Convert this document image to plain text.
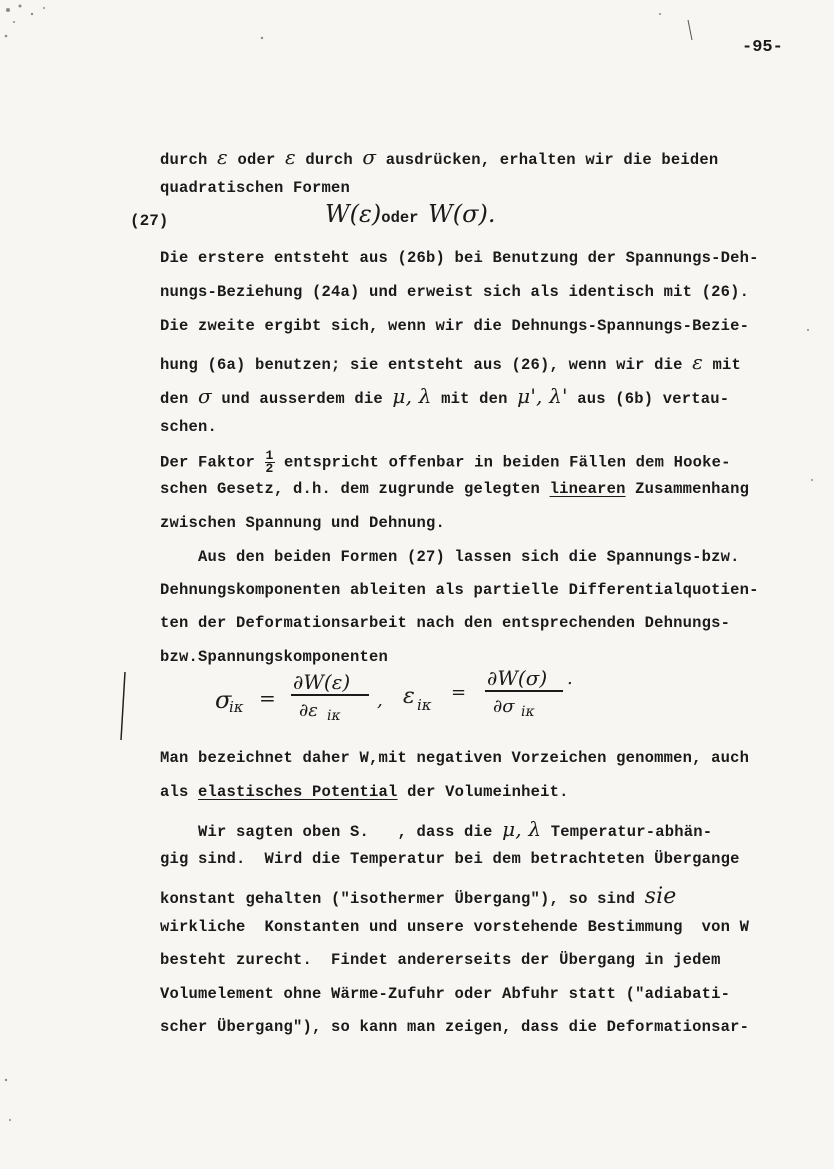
-95-
durch ε oder ε durch σ ausdrücken, erhalten wir die beiden
quadratischen Formen
(27)	W(ε)oder W(σ).
Die erstere entsteht aus (26b) bei Benutzung der Spannungs-Deh-
nungs-Beziehung (24a) und erweist sich als identisch mit (26).
Die zweite ergibt sich, wenn wir die Dehnungs-Spannungs-Bezie-
hung (6a) benutzen; sie entsteht aus (26), wenn wir die ε mit
den σ und ausserdem die μ, λ mit den μ', λ' aus (6b) vertau-
schen.
Der Faktor $\frac{1}{2}$ entspricht offenbar in beiden Fällen dem Hooke-
schen Gesetz, d.h. dem zugrunde gelegten linearen Zusammenhang
zwischen Spannung und Dehnung.
Aus den beiden Formen (27) lassen sich die Spannungs-bzw.
Dehnungskomponenten ableiten als partielle Differentialquotien-
ten der Deformationsarbeit nach den entsprechenden Dehnungs-
bzw.Spannungskomponenten
σ
iκ =
∂W(ε)
∂ε iκ
, ε iκ
=
∂W(σ)
∂σ iκ
.
Man bezeichnet daher W,mit negativen Vorzeichen genommen, auch
als elastisches Potential der Volumeinheit.
Wir sagten oben S.   , dass die μ, λ Temperatur-abhän-
gig sind.  Wird die Temperatur bei dem betrachteten Übergange
konstant gehalten ("isothermer Übergang"), so sind sie
wirkliche  Konstanten und unsere vorstehende Bestimmung  von W
besteht zurecht.  Findet andererseits der Übergang in jedem
Volumelement ohne Wärme-Zufuhr oder Abfuhr statt ("adiabati-
scher Übergang"), so kann man zeigen, dass die Deformationsar-
